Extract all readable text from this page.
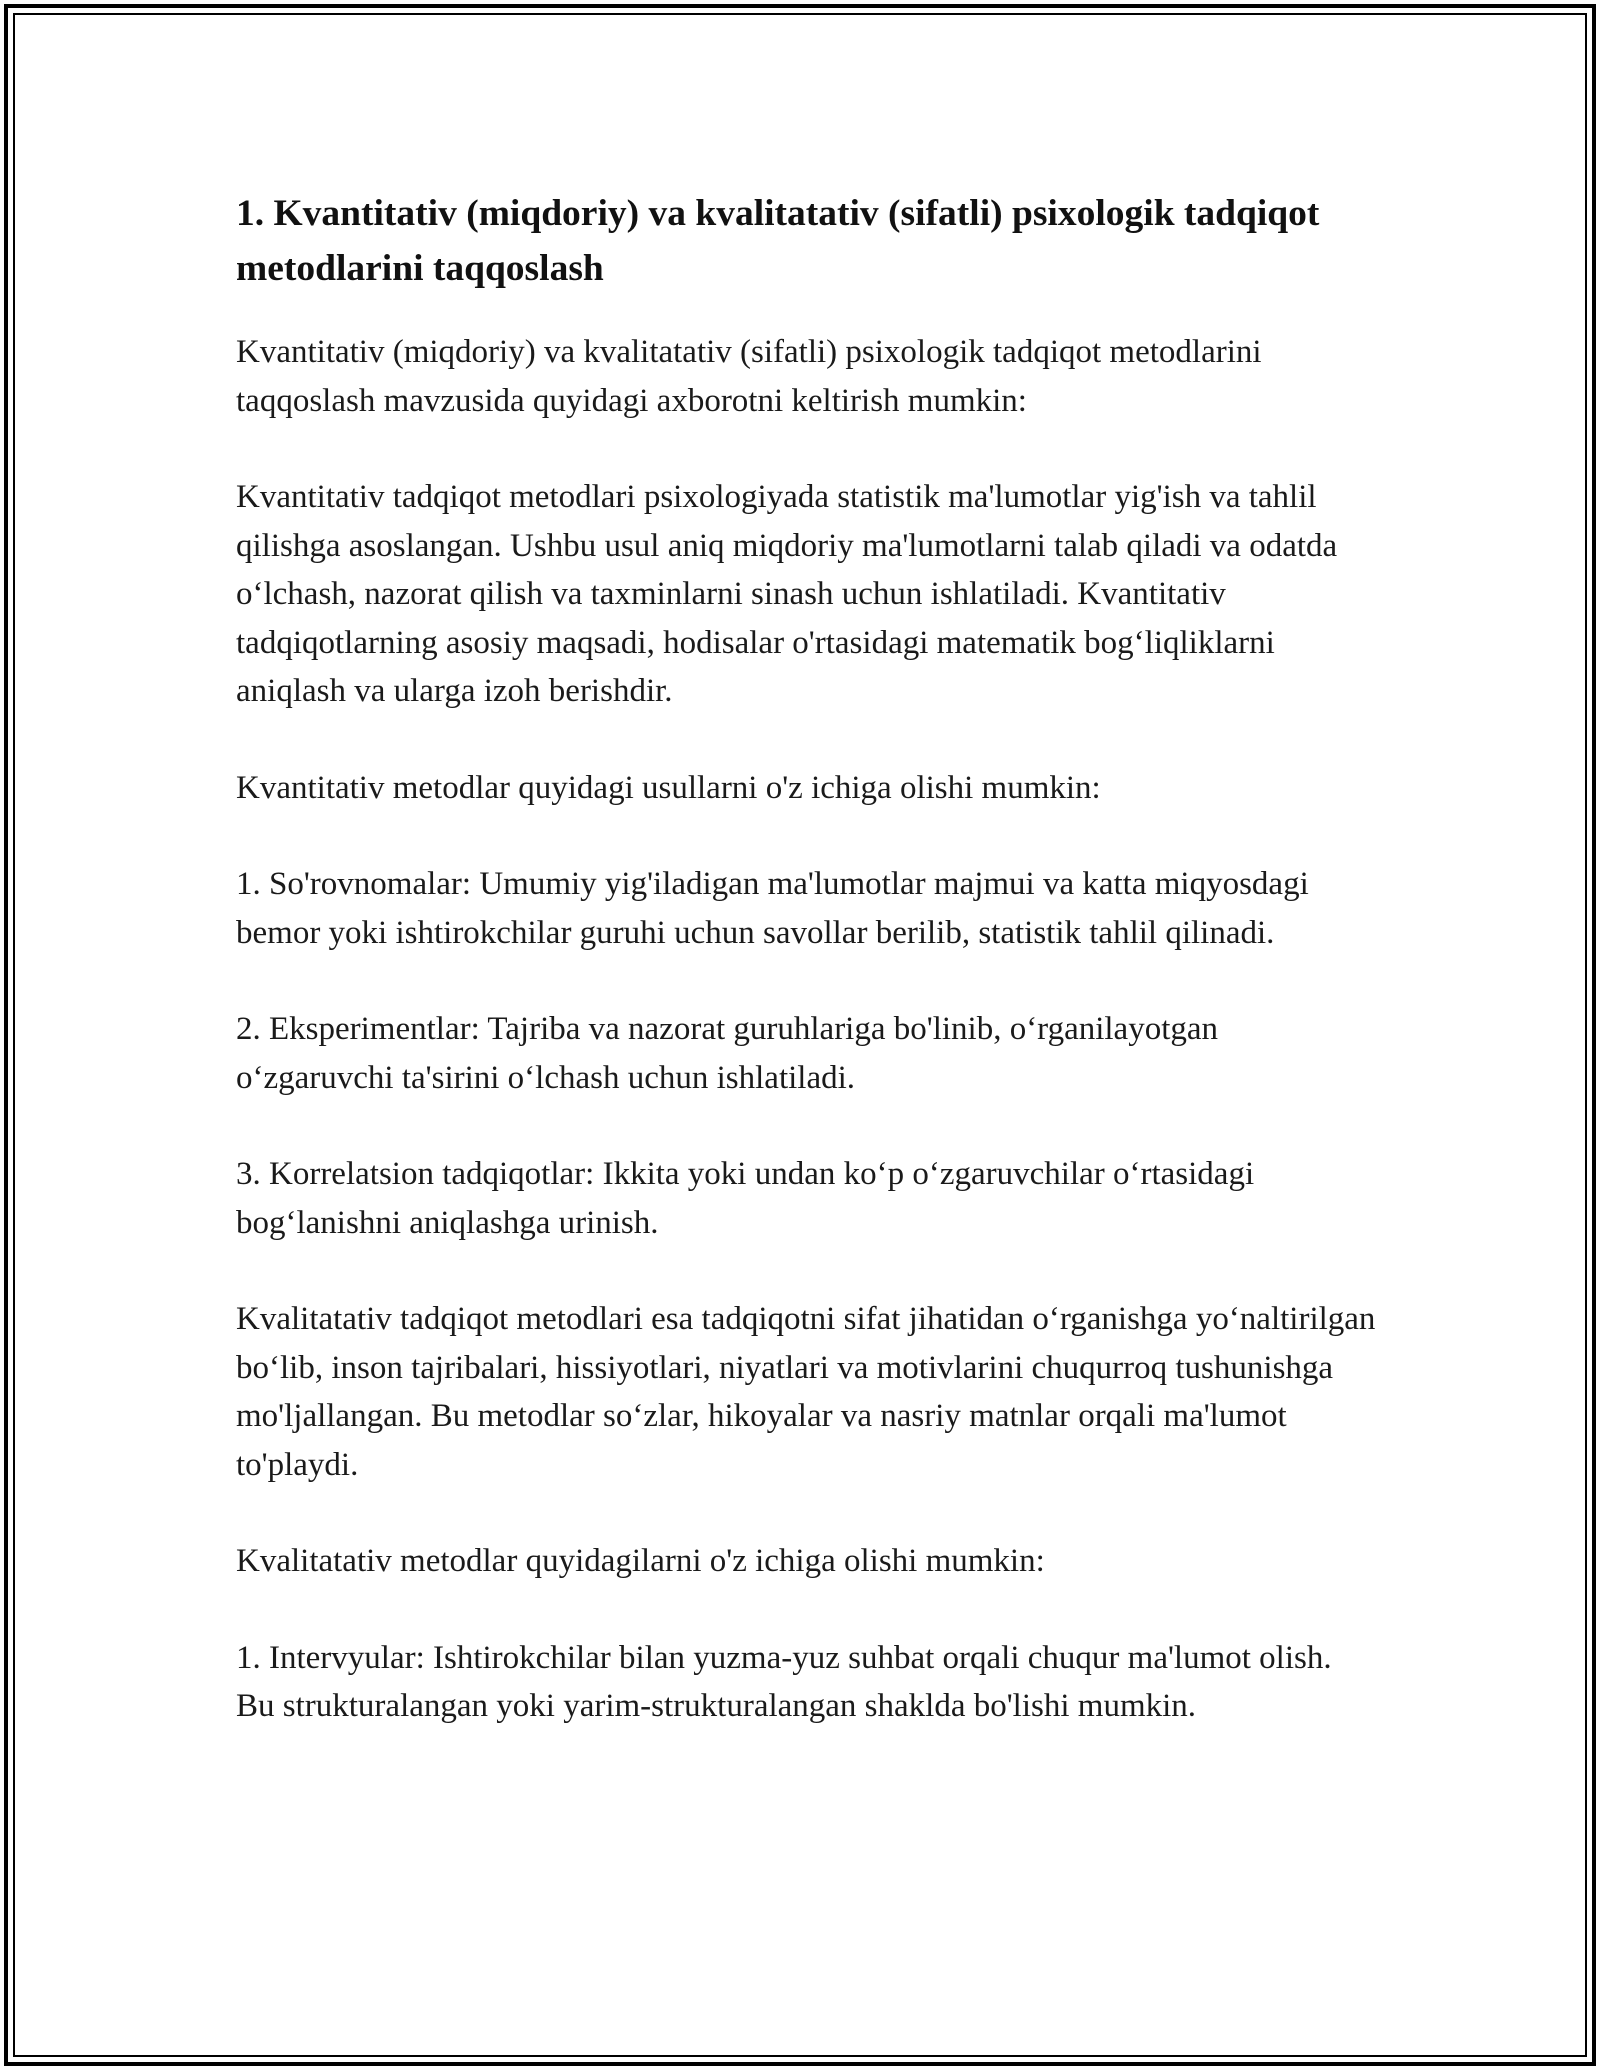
1. Kvantitativ (miqdoriy) va kvalitatativ (sifatli) psixologik tadqiqot metodlarini taqqoslash

Kvantitativ (miqdoriy) va kvalitatativ (sifatli) psixologik tadqiqot metodlarini taqqoslash mavzusida quyidagi axborotni keltirish mumkin:

Kvantitativ tadqiqot metodlari psixologiyada statistik ma'lumotlar yig'ish va tahlil qilishga asoslangan. Ushbu usul aniq miqdoriy ma'lumotlarni talab qiladi va odatda o‘lchash, nazorat qilish va taxminlarni sinash uchun ishlatiladi. Kvantitativ tadqiqotlarning asosiy maqsadi, hodisalar o'rtasidagi matematik bog‘liqliklarni aniqlash va ularga izoh berishdir.

Kvantitativ metodlar quyidagi usullarni o'z ichiga olishi mumkin:

1. So'rovnomalar: Umumiy yig'iladigan ma'lumotlar majmui va katta miqyosdagi bemor yoki ishtirokchilar guruhi uchun savollar berilib, statistik tahlil qilinadi.

2. Eksperimentlar: Tajriba va nazorat guruhlariga bo'linib, o‘rganilayotgan o‘zgaruvchi ta'sirini o‘lchash uchun ishlatiladi.

3. Korrelatsion tadqiqotlar: Ikkita yoki undan ko‘p o‘zgaruvchilar o‘rtasidagi bog‘lanishni aniqlashga urinish.

Kvalitatativ tadqiqot metodlari esa tadqiqotni sifat jihatidan o‘rganishga yo‘naltirilgan bo‘lib, inson tajribalari, hissiyotlari, niyatlari va motivlarini chuqurroq tushunishga mo'ljallangan. Bu metodlar so‘zlar, hikoyalar va nasriy matnlar orqali ma'lumot to'playdi.

Kvalitatativ metodlar quyidagilarni o'z ichiga olishi mumkin:

1. Intervyular: Ishtirokchilar bilan yuzma-yuz suhbat orqali chuqur ma'lumot olish. Bu strukturalangan yoki yarim-strukturalangan shaklda bo'lishi mumkin.
